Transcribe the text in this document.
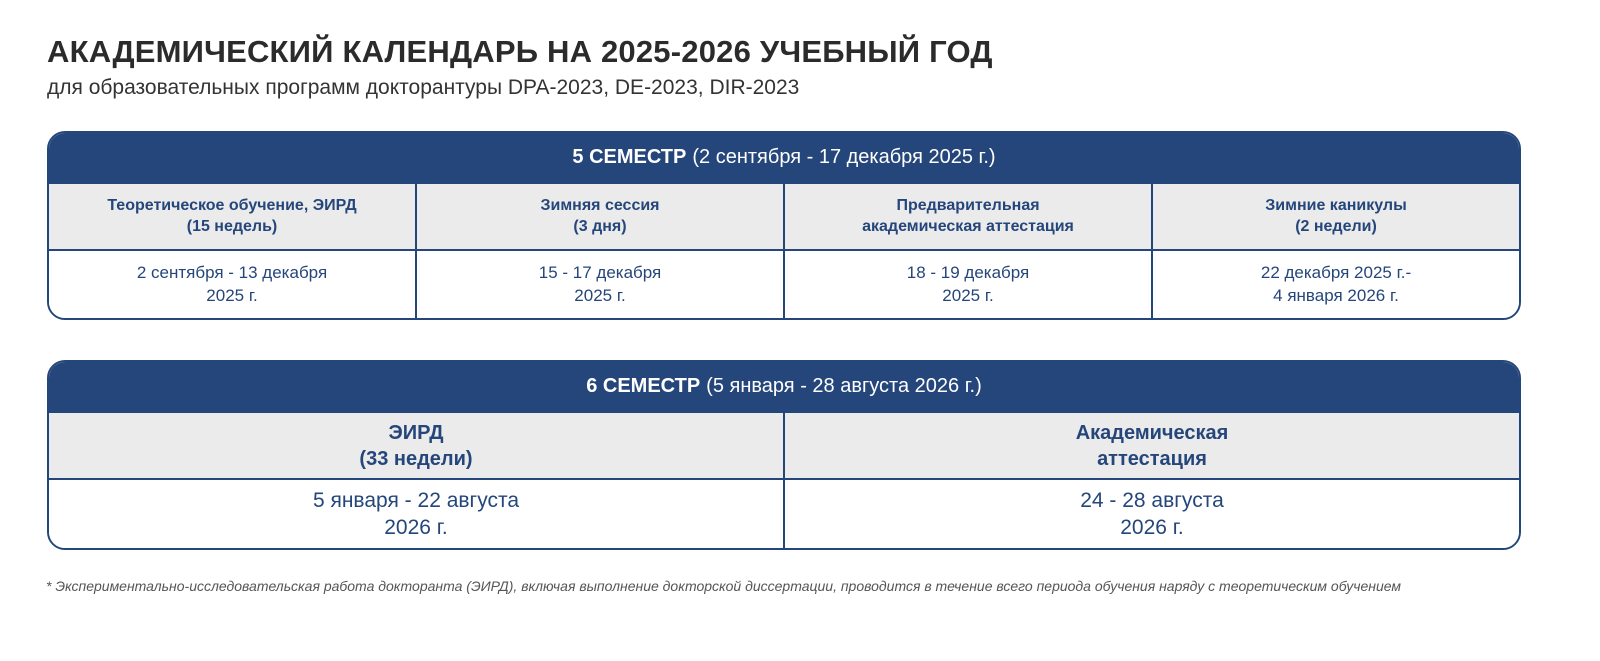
АКАДЕМИЧЕСКИЙ КАЛЕНДАРЬ НА 2025-2026 УЧЕБНЫЙ ГОД
для образовательных программ докторантуры DPA-2023, DE-2023, DIR-2023
5 СЕМЕСТР (2 сентября - 17 декабря 2025 г.)
Теоретическое обучение, ЭИРД
(15 недель)
Зимняя сессия
(3 дня)
Предварительная
академическая аттестация
Зимние каникулы
(2 недели)
2 сентября - 13 декабря
2025 г.
15 - 17 декабря
2025 г.
18 - 19 декабря
2025 г.
22 декабря 2025 г.-
4 января 2026 г.
6 СЕМЕСТР (5 января - 28 августа 2026 г.)
ЭИРД
(33 недели)
Академическая
аттестация
5 января - 22 августа
2026 г.
24 - 28 августа
2026 г.
* Экспериментально-исследовательская работа докторанта (ЭИРД), включая выполнение докторской диссертации, проводится в течение всего периода обучения наряду с теоретическим обучением
